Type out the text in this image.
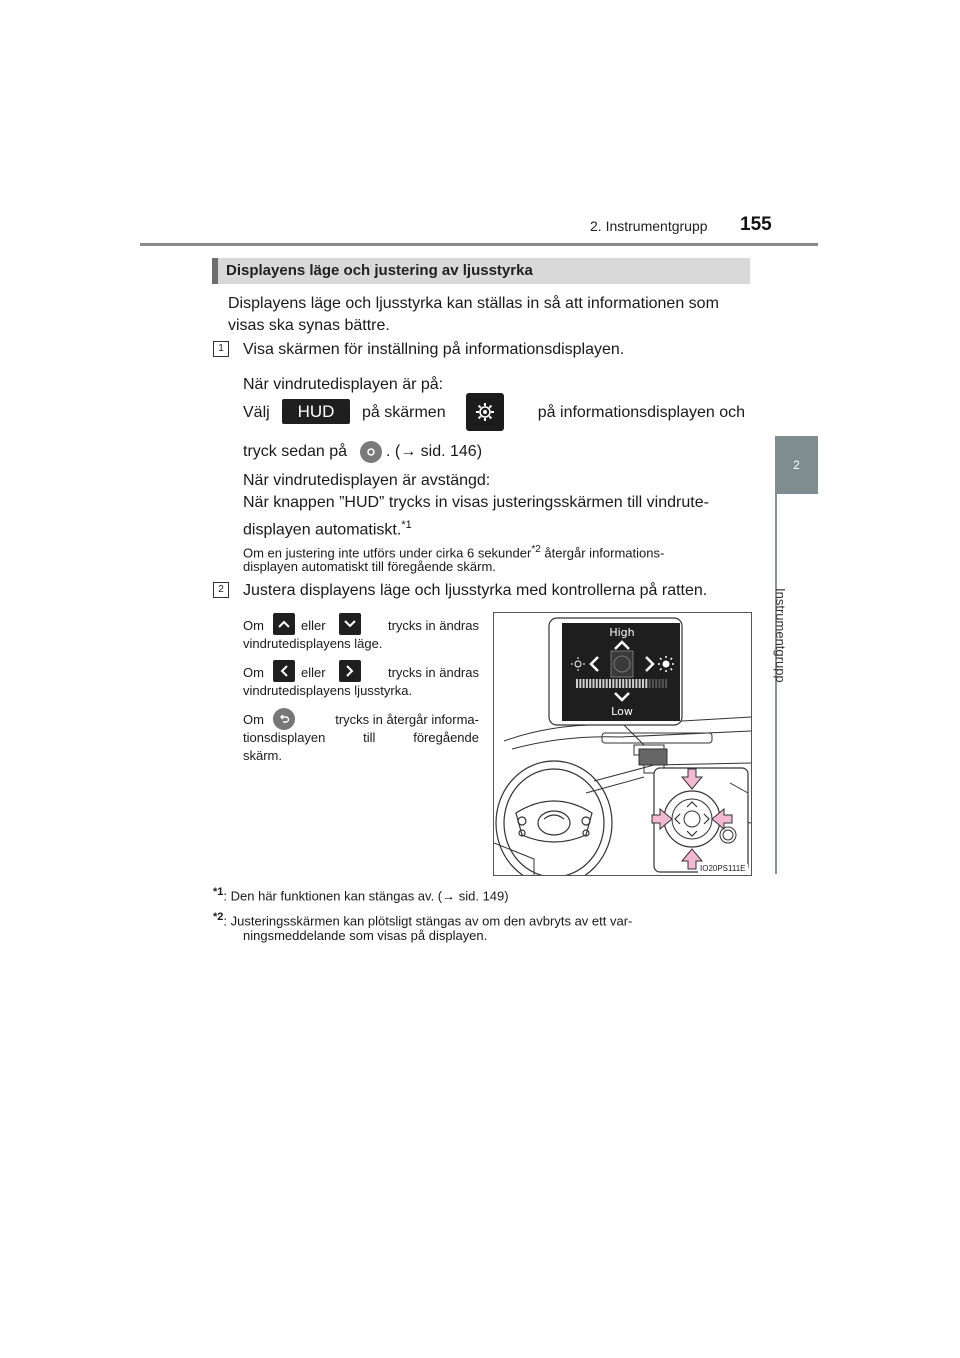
2. Instrumentgrupp 155
2
Instrumentgrupp
Displayens läge och justering av ljusstyrka
Displayens läge och ljusstyrka kan ställas in så att informationen som
visas ska synas bättre.
1	Visa skärmen för inställning på informationsdisplayen.
När vindrutedisplayen är på:
Välj HUD på skärmen	på informationsdisplayen och
tryck sedan på . (→ sid. 146)
När vindrutedisplayen är avstängd:
När knappen ”HUD” trycks in visas justeringsskärmen till vindrute-
displayen automatiskt.$^{*1}$
Om en justering inte utförs under cirka 6 sekunder$^{*2}$ återgår informations-
displayen automatiskt till föregående skärm.
2	Justera displayens läge och ljusstyrka med kontrollerna på ratten.
Om	eller	trycks in ändras
vindrutedisplayens läge.
Om	eller	trycks in ändras
vindrutedisplayens ljusstyrka.
Om	trycks in återgår informa-
tionsdisplayen till föregående
skärm.
High
Low
IO20PS111E
$^{*1}$: Den här funktionen kan stängas av. (→ sid. 149)
$^{*2}$: Justeringsskärmen kan plötsligt stängas av om den avbryts av ett var-
ningsmeddelande som visas på displayen.
